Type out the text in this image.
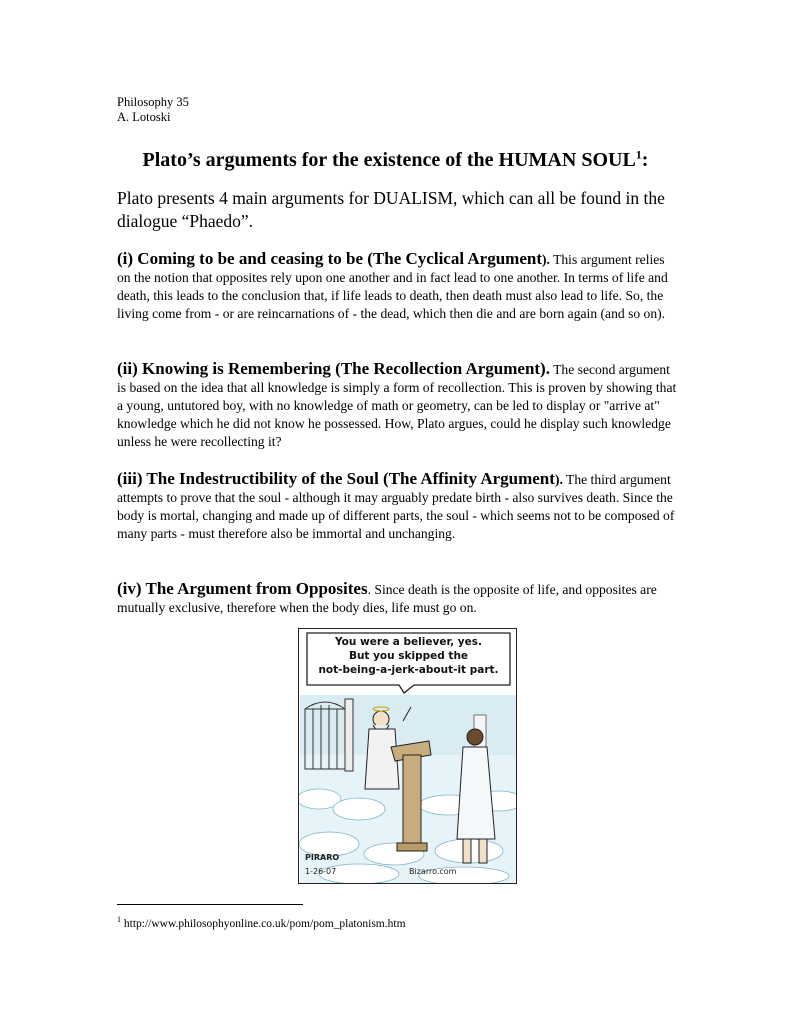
Philosophy 35
A. Lotoski
Plato’s arguments for the existence of the HUMAN SOUL$^1$:
Plato presents 4 main arguments for DUALISM, which can all be found in the dialogue “Phaedo”.
(i) Coming to be and ceasing to be (The Cyclical Argument). This argument relies on the notion that opposites rely upon one another and in fact lead to one another. In terms of life and death, this leads to the conclusion that, if life leads to death, then death must also lead to life. So, the living come from - or are reincarnations of - the dead, which then die and are born again (and so on).
(ii) Knowing is Remembering (The Recollection Argument). The second argument is based on the idea that all knowledge is simply a form of recollection. This is proven by showing that a young, untutored boy, with no knowledge of math or geometry, can be led to display or "arrive at" knowledge which he did not know he possessed. How, Plato argues, could he display such knowledge unless he were recollecting it?
(iii) The Indestructibility of the Soul (The Affinity Argument). The third argument attempts to prove that the soul - although it may arguably predate birth - also survives death. Since the body is mortal, changing and made up of different parts, the soul - which seems not to be composed of many parts - must therefore also be immortal and unchanging.
(iv) The Argument from Opposites. Since death is the opposite of life, and opposites are mutually exclusive, therefore when the body dies, life must go on.
You were a believer, yes.
But you skipped the
not-being-a-jerk-about-it part.
PIRARO
1-26-07	Bizarro.com
$^1$ http://www.philosophyonline.co.uk/pom/pom_platonism.htm
